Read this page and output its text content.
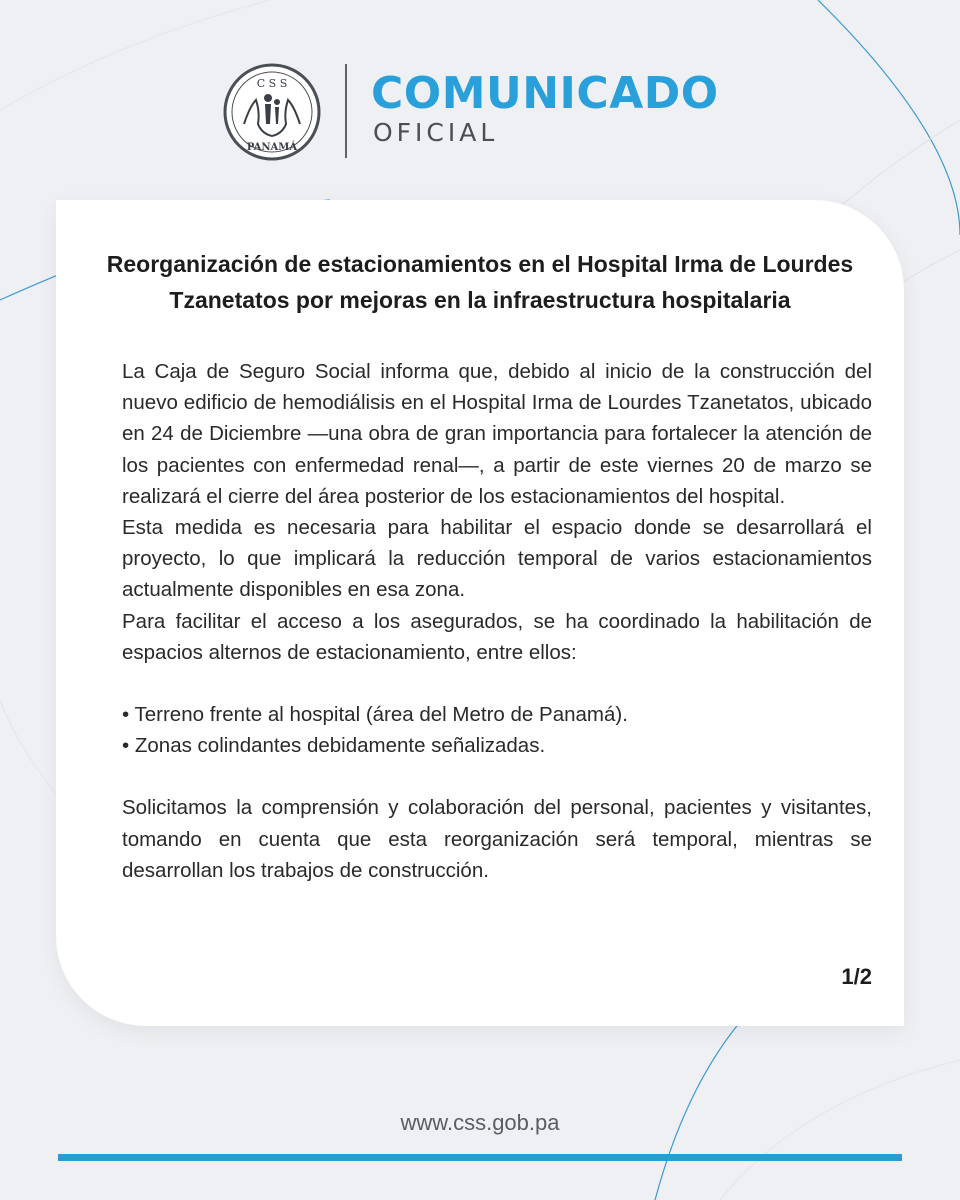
C S S
PANAMÁ
COMUNICADO
OFICIAL
Reorganización de estacionamientos en el Hospital Irma de Lourdes Tzanetatos por mejoras en la infraestructura hospitalaria

La Caja de Seguro Social informa que, debido al inicio de la construcción del nuevo edificio de hemodiálisis en el Hospital Irma de Lourdes Tzanetatos, ubicado en 24 de Diciembre —una obra de gran importancia para fortalecer la atención de los pacientes con enfermedad renal—, a partir de este viernes 20 de marzo se realizará el cierre del área posterior de los estacionamientos del hospital.

Esta medida es necesaria para habilitar el espacio donde se desarrollará el proyecto, lo que implicará la reducción temporal de varios estacionamientos actualmente disponibles en esa zona.

Para facilitar el acceso a los asegurados, se ha coordinado la habilitación de espacios alternos de estacionamiento, entre ellos:

• Terreno frente al hospital (área del Metro de Panamá).

• Zonas colindantes debidamente señalizadas.

Solicitamos la comprensión y colaboración del personal, pacientes y visitantes, tomando en cuenta que esta reorganización será temporal, mientras se desarrollan los trabajos de construcción.

1/2
www.css.gob.pa
